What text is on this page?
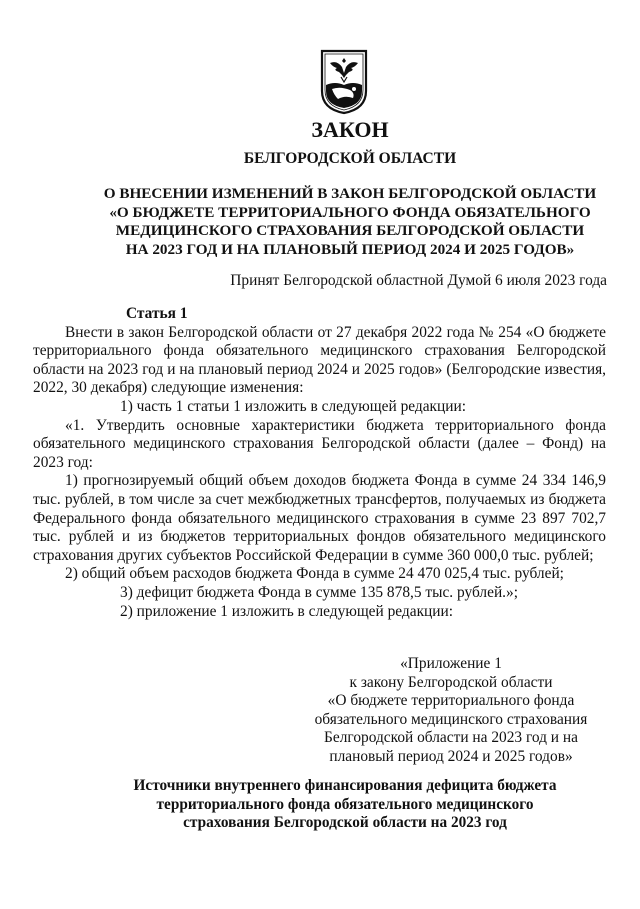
ЗАКОН
БЕЛГОРОДСКОЙ ОБЛАСТИ
О ВНЕСЕНИИ ИЗМЕНЕНИЙ В ЗАКОН БЕЛГОРОДСКОЙ ОБЛАСТИ
«О БЮДЖЕТЕ ТЕРРИТОРИАЛЬНОГО ФОНДА ОБЯЗАТЕЛЬНОГО
МЕДИЦИНСКОГО СТРАХОВАНИЯ БЕЛГОРОДСКОЙ ОБЛАСТИ
НА 2023 ГОД И НА ПЛАНОВЫЙ ПЕРИОД 2024 И 2025 ГОДОВ»
Принят Белгородской областной Думой 6 июля 2023 года

Статья 1

Внести в закон Белгородской области от 27 декабря 2022 года № 254 «О бюджете территориального фонда обязательного медицинского страхования Белгородской области на 2023 год и на плановый период 2024 и 2025 годов» (Белгородские известия, 2022, 30 декабря) следующие изменения:

1) часть 1 статьи 1 изложить в следующей редакции:

«1. Утвердить основные характеристики бюджета территориального фонда обязательного медицинского страхования Белгородской области (далее – Фонд) на 2023 год:

1) прогнозируемый общий объем доходов бюджета Фонда в сумме 24 334 146,9 тыс. рублей, в том числе за счет межбюджетных трансфертов, получаемых из бюджета Федерального фонда обязательного медицинского страхования в сумме 23 897 702,7 тыс. рублей и из бюджетов территориальных фондов обязательного медицинского страхования других субъектов Российской Федерации в сумме 360 000,0 тыс. рублей;

2) общий объем расходов бюджета Фонда в сумме 24 470 025,4 тыс. рублей;

3) дефицит бюджета Фонда в сумме 135 878,5 тыс. рублей.»;

2) приложение 1 изложить в следующей редакции:

«Приложение 1
к закону Белгородской области
«О бюджете территориального фонда
обязательного медицинского страхования
Белгородской области на 2023 год и на
плановый период 2024 и 2025 годов»
Источники внутреннего финансирования дефицита бюджета
территориального фонда обязательного медицинского
страхования Белгородской области на 2023 год
